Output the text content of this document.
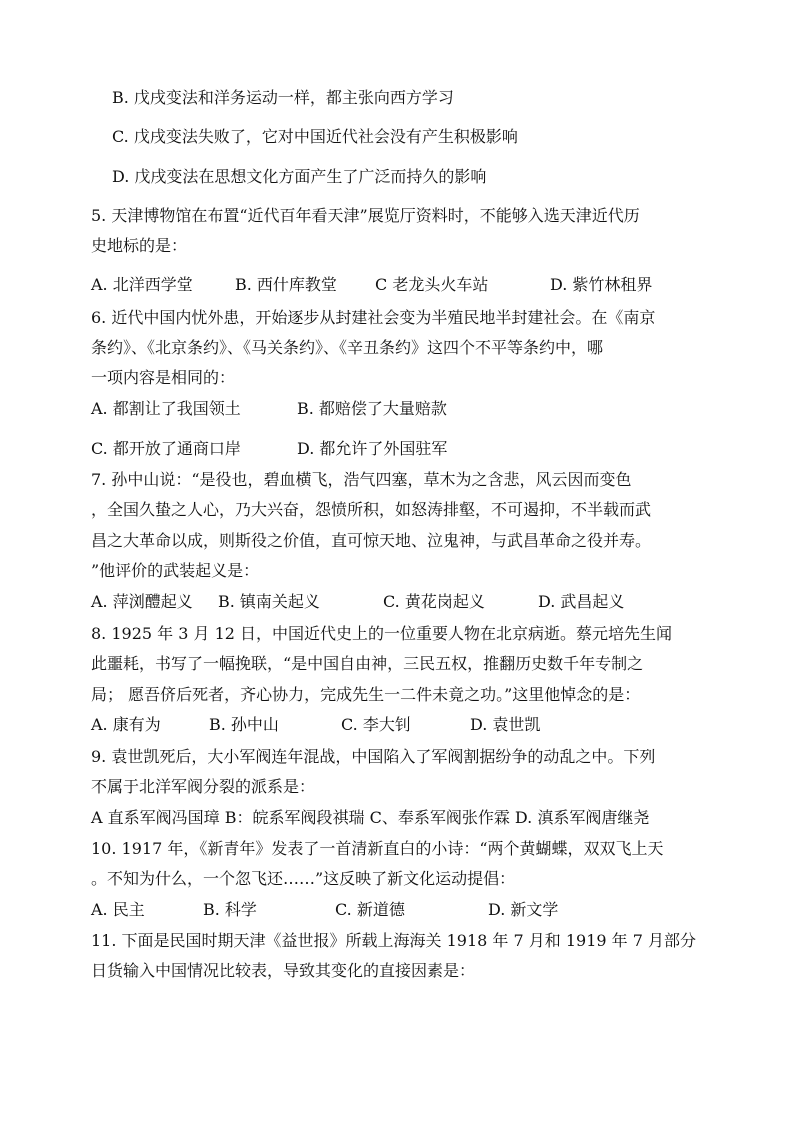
B. 戊戌变法和洋务运动一样，都主张向西方学习
C. 戊戌变法失败了，它对中国近代社会没有产生积极影响
D. 戊戌变法在思想文化方面产生了广泛而持久的影响
5. 天津博物馆在布置“近代百年看天津”展览厅资料时，不能够入选天津近代历
史地标的是：
A. 北洋西学堂	B. 西什库教堂 C 老龙头火车站	D. 紫竹林租界
6. 近代中国内忧外患，开始逐步从封建社会变为半殖民地半封建社会。在《南京
条约》、《北京条约》、《马关条约》、《辛丑条约》这四个不平等条约中，哪
一项内容是相同的：
A. 都割让了我国领土	B. 都赔偿了大量赔款
C. 都开放了通商口岸	D. 都允许了外国驻军
7. 孙中山说：“是役也，碧血横飞，浩气四塞，草木为之含悲，风云因而变色
，全国久蛰之人心，乃大兴奋，怨愤所积，如怒涛排壑，不可遏抑，不半载而武
昌之大革命以成，则斯役之价值，直可惊天地、泣鬼神，与武昌革命之役并寿。
”他评价的武装起义是：
A. 萍浏醴起义 B. 镇南关起义	C. 黄花岗起义	D. 武昌起义
8. 1925 年 3 月 12 日，中国近代史上的一位重要人物在北京病逝。蔡元培先生闻
此噩耗，书写了一幅挽联，“是中国自由神，三民五权，推翻历史数千年专制之
局； 愿吾侪后死者，齐心协力，完成先生一二件未竟之功。”这里他悼念的是：
A. 康有为	B. 孙中山	C. 李大钊	D. 袁世凯
9. 袁世凯死后，大小军阀连年混战，中国陷入了军阀割据纷争的动乱之中。下列
不属于北洋军阀分裂的派系是：
A 直系军阀冯国璋 B：皖系军阀段祺瑞 C、奉系军阀张作霖 D. 滇系军阀唐继尧
10. 1917 年，《新青年》发表了一首清新直白的小诗：“两个黄蝴蝶，双双飞上天
。不知为什么，一个忽飞还……”这反映了新文化运动提倡：
A. 民主	B. 科学	C. 新道德	D. 新文学
11. 下面是民国时期天津《益世报》所载上海海关 1918 年 7 月和 1919 年 7 月部分
日货输入中国情况比较表，导致其变化的直接因素是：
